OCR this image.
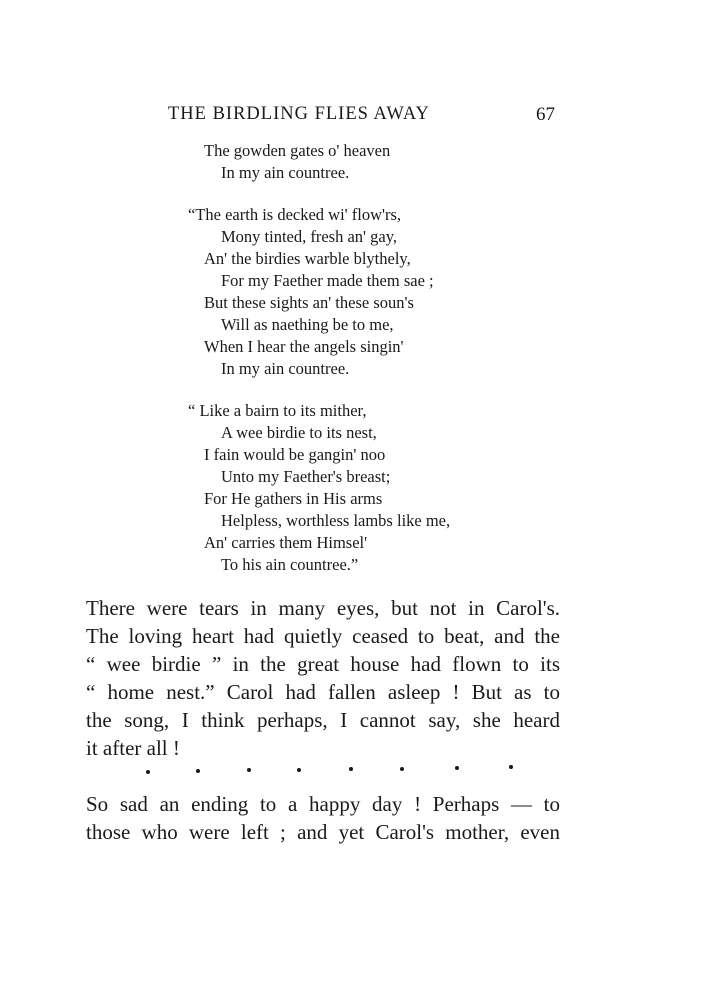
THE BIRDLING FLIES AWAY	67
The gowden gates o' heaven
In my ain countree.
“The earth is decked wi' flow'rs,
Mony tinted, fresh an' gay,
An' the birdies warble blythely,
For my Faether made them sae ;
But these sights an' these soun's
Will as naething be to me,
When I hear the angels singin'
In my ain countree.
“ Like a bairn to its mither,
A wee birdie to its nest,
I fain would be gangin' noo
Unto my Faether's breast;
For He gathers in His arms
Helpless, worthless lambs like me,
An' carries them Himsel'
To his ain countree.”
There were tears in many eyes, but not in Carol's.
The loving heart had quietly ceased to beat, and the
“ wee birdie ” in the great house had flown to its
“ home nest.” Carol had fallen asleep ! But as to
the song, I think perhaps, I cannot say, she heard
it after all !
So sad an ending to a happy day ! Perhaps — to
those who were left ; and yet Carol's mother, even
